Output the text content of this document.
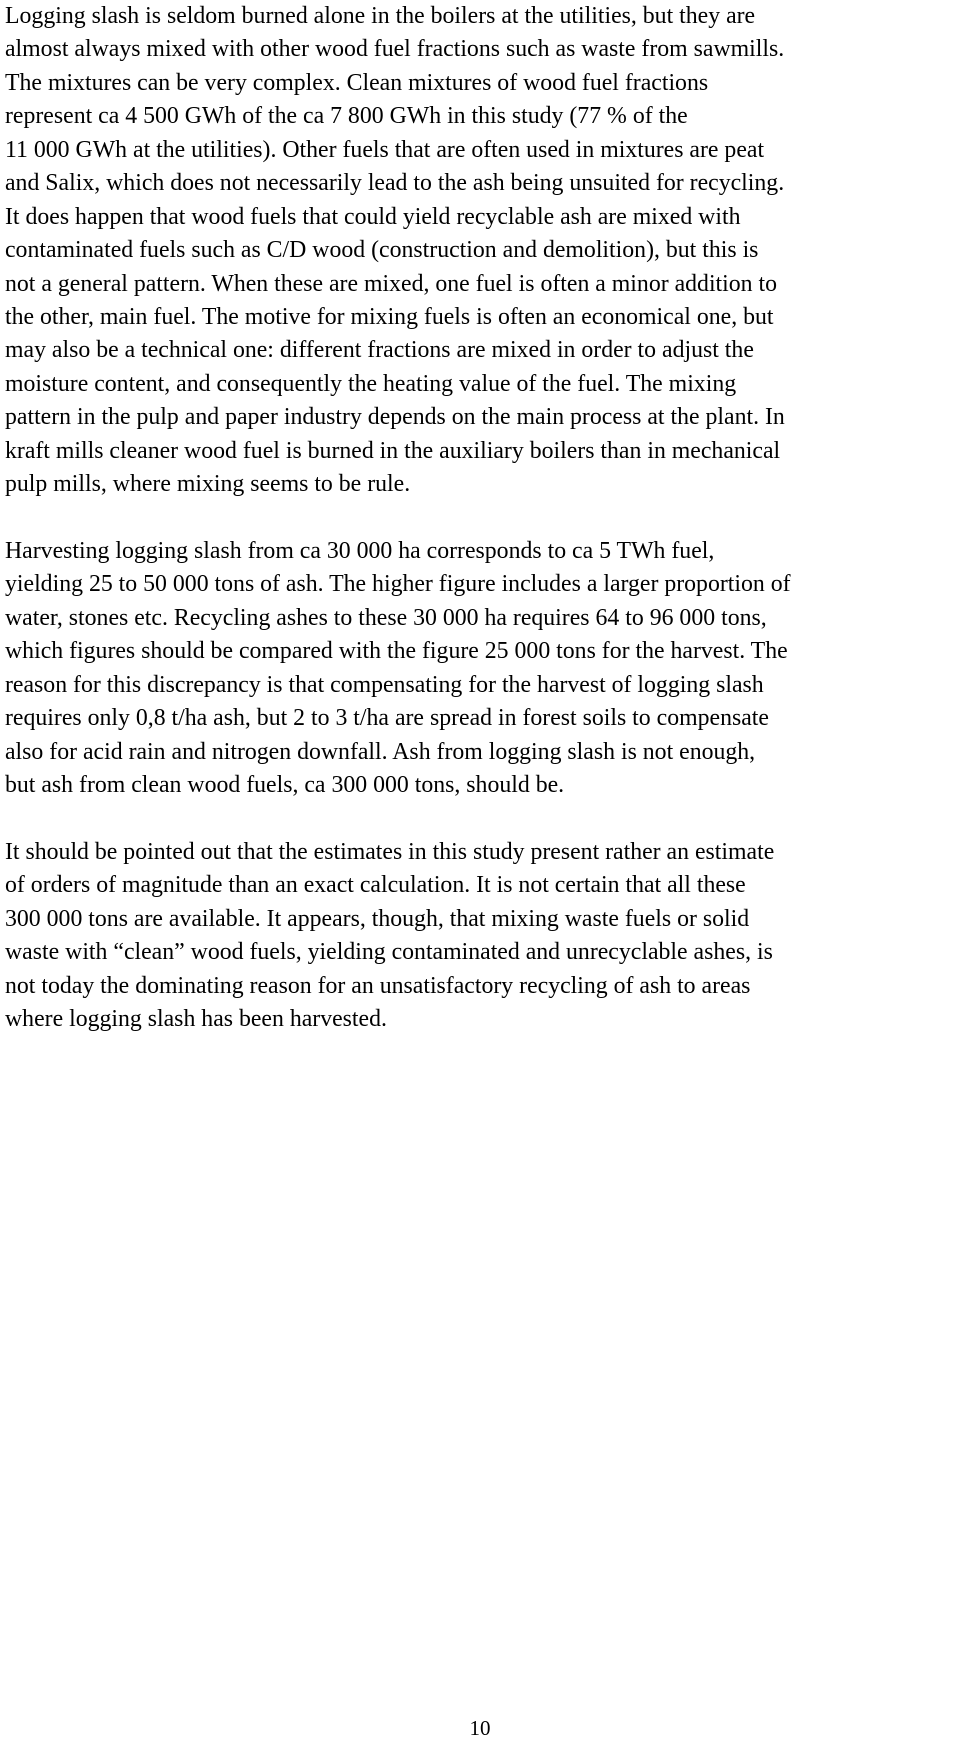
Logging slash is seldom burned alone in the boilers at the utilities, but they are
almost always mixed with other wood fuel fractions such as waste from sawmills.
The mixtures can be very complex. Clean mixtures of wood fuel fractions
represent ca 4 500 GWh of the ca 7 800 GWh in this study (77 % of the
11 000 GWh at the utilities). Other fuels that are often used in mixtures are peat
and Salix, which does not necessarily lead to the ash being unsuited for recycling.
It does happen that wood fuels that could yield recyclable ash are mixed with
contaminated fuels such as C/D wood (construction and demolition), but this is
not a general pattern. When these are mixed, one fuel is often a minor addition to
the other, main fuel. The motive for mixing fuels is often an economical one, but
may also be a technical one: different fractions are mixed in order to adjust the
moisture content, and consequently the heating value of the fuel. The mixing
pattern in the pulp and paper industry depends on the main process at the plant. In
kraft mills cleaner wood fuel is burned in the auxiliary boilers than in mechanical
pulp mills, where mixing seems to be rule.

Harvesting logging slash from ca 30 000 ha corresponds to ca 5 TWh fuel,
yielding 25 to 50 000 tons of ash. The higher figure includes a larger proportion of
water, stones etc. Recycling ashes to these 30 000 ha requires 64 to 96 000 tons,
which figures should be compared with the figure 25 000 tons for the harvest. The
reason for this discrepancy is that compensating for the harvest of logging slash
requires only 0,8 t/ha ash, but 2 to 3 t/ha are spread in forest soils to compensate
also for acid rain and nitrogen downfall. Ash from logging slash is not enough,
but ash from clean wood fuels, ca 300 000 tons, should be.

It should be pointed out that the estimates in this study present rather an estimate
of orders of magnitude than an exact calculation. It is not certain that all these
300 000 tons are available. It appears, though, that mixing waste fuels or solid
waste with “clean” wood fuels, yielding contaminated and unrecyclable ashes, is
not today the dominating reason for an unsatisfactory recycling of ash to areas
where logging slash has been harvested.

10
